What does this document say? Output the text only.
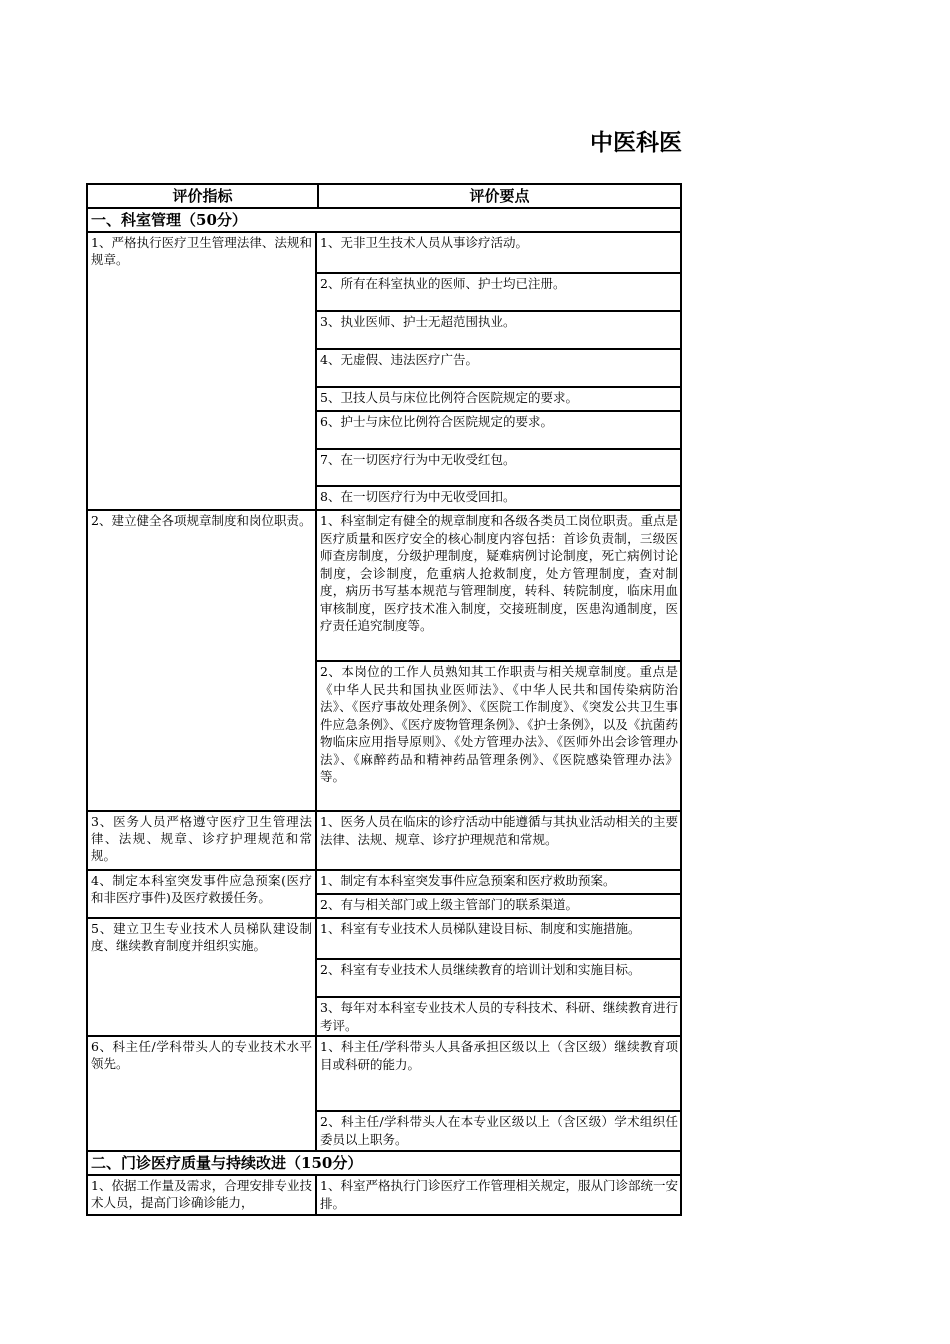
中医科医
评价指标	评价要点
一、科室管理（50分）
1、严格执行医疗卫生管理法律、法规和规章。
1、无非卫生技术人员从事诊疗活动。
2、所有在科室执业的医师、护士均已注册。
3、执业医师、护士无超范围执业。
4、无虚假、违法医疗广告。
5、卫技人员与床位比例符合医院规定的要求。
6、护士与床位比例符合医院规定的要求。
7、在一切医疗行为中无收受红包。
8、在一切医疗行为中无收受回扣。
2、建立健全各项规章制度和岗位职责。 1、科室制定有健全的规章制度和各级各类员工岗位职责。重点是医疗质量和医疗安全的核心制度内容包括：首诊负责制，三级医师查房制度，分级护理制度，疑难病例讨论制度，死亡病例讨论制度，会诊制度，危重病人抢救制度，处方管理制度，查对制度，病历书写基本规范与管理制度，转科、转院制度，临床用血审核制度，医疗技术准入制度，交接班制度，医患沟通制度，医疗责任追究制度等。
2、本岗位的工作人员熟知其工作职责与相关规章制度。重点是《中华人民共和国执业医师法》、《中华人民共和国传染病防治法》、《医疗事故处理条例》、《医院工作制度》、《突发公共卫生事件应急条例》、《医疗废物管理条例》、《护士条例》，以及《抗菌药物临床应用指导原则》、《处方管理办法》、《医师外出会诊管理办法》、《麻醉药品和精神药品管理条例》、《医院感染管理办法》等。
3、医务人员严格遵守医疗卫生管理法律、法规、规章、诊疗护理规范和常规。
1、医务人员在临床的诊疗活动中能遵循与其执业活动相关的主要法律、法规、规章、诊疗护理规范和常规。
4、制定本科室突发事件应急预案(医疗和非医疗事件)及医疗救援任务。
1、制定有本科室突发事件应急预案和医疗救助预案。
2、有与相关部门或上级主管部门的联系渠道。
5、建立卫生专业技术人员梯队建设制度、继续教育制度并组织实施。
1、科室有专业技术人员梯队建设目标、制度和实施措施。
2、科室有专业技术人员继续教育的培训计划和实施目标。
3、每年对本科室专业技术人员的专科技术、科研、继续教育进行考评。
6、科主任/学科带头人的专业技术水平领先。
1、科主任/学科带头人具备承担区级以上（含区级）继续教育项目或科研的能力。
2、科主任/学科带头人在本专业区级以上（含区级）学术组织任委员以上职务。
二、门诊医疗质量与持续改进（150分）
1、依据工作量及需求，合理安排专业技术人员，提高门诊确诊能力，
1、科室严格执行门诊医疗工作管理相关规定，服从门诊部统一安排。
